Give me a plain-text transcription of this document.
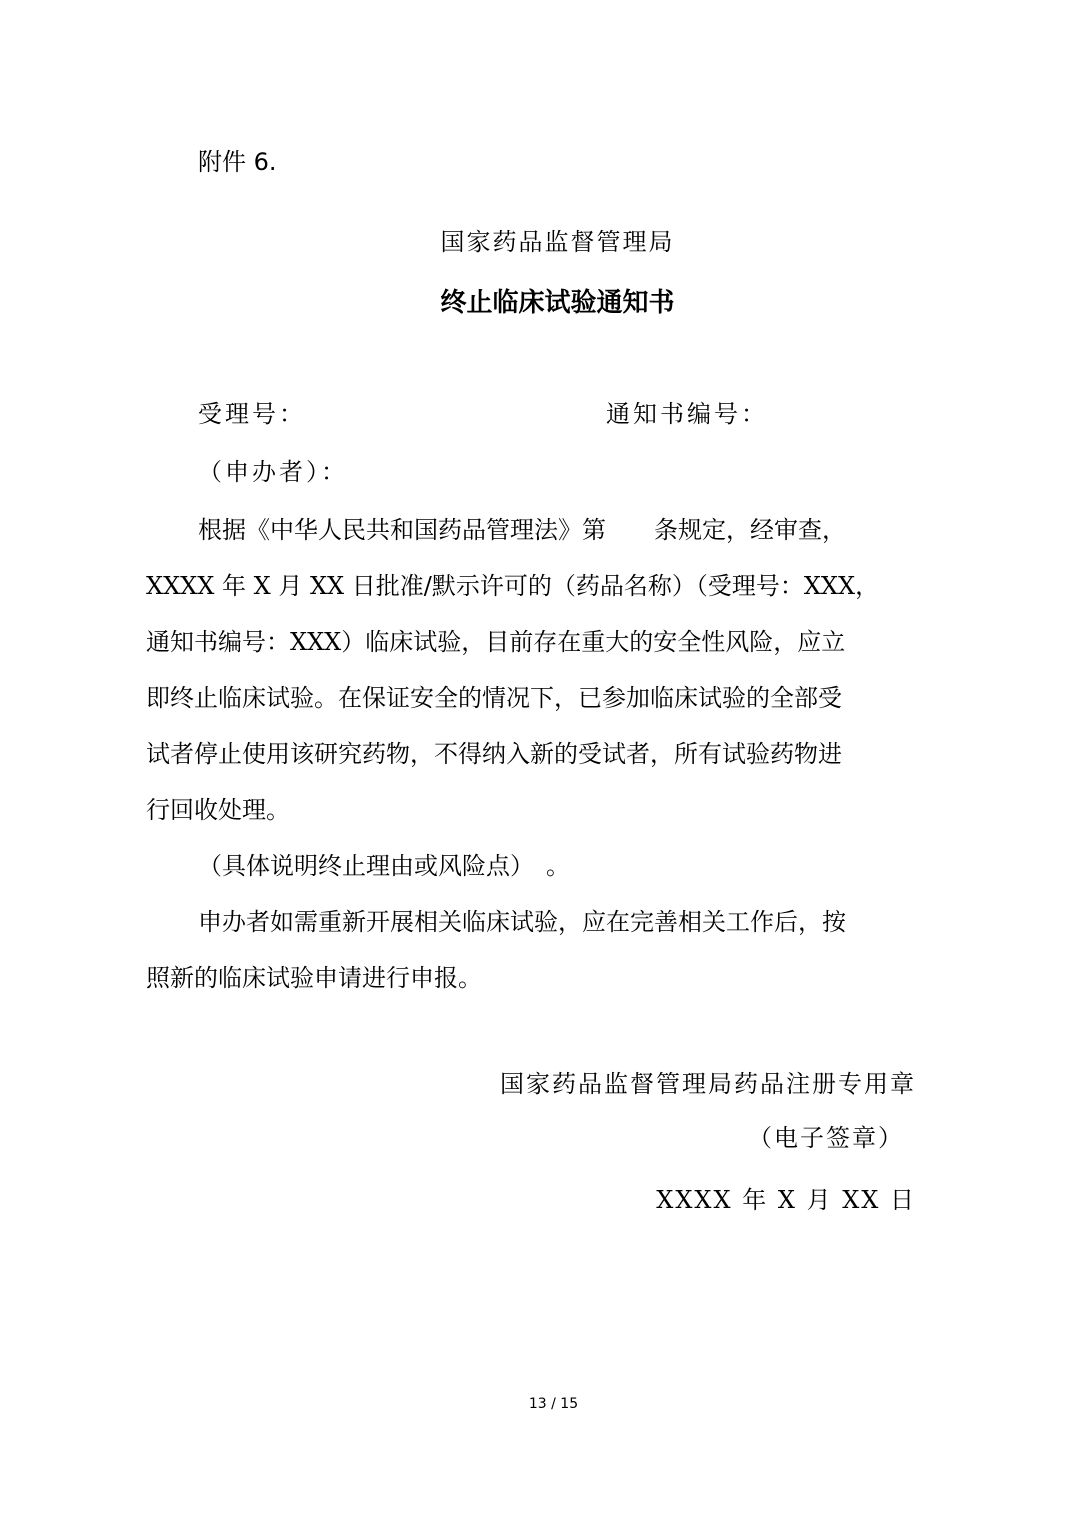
附件 6.
国家药品监督管理局
终止临床试验通知书
受理号：	通知书编号：
（申办者）：
根据《中华人民共和国药品管理法》第　　条规定，经审查，
XXXX 年 X 月 XX 日批准/默示许可的（药品名称）（受理号：XXX，
通知书编号：XXX）临床试验，目前存在重大的安全性风险，应立
即终止临床试验。在保证安全的情况下，已参加临床试验的全部受
试者停止使用该研究药物，不得纳入新的受试者，所有试验药物进
行回收处理。
（具体说明终止理由或风险点）　。
申办者如需重新开展相关临床试验，应在完善相关工作后，按
照新的临床试验申请进行申报。
国家药品监督管理局药品注册专用章
（电子签章）
XXXX 年 X 月 XX 日
13 / 15
